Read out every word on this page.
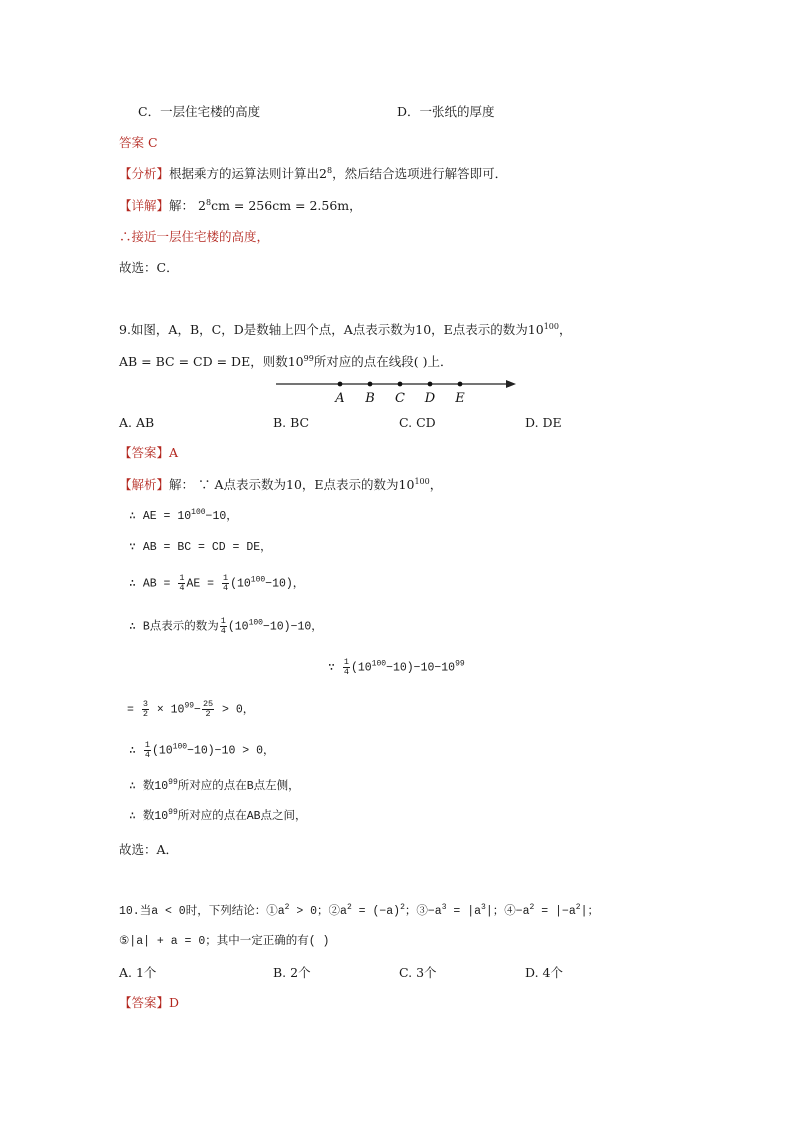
C．一层住宅楼的高度	D．一张纸的厚度
答案 C
【分析】根据乘方的运算法则计算出$2^8$，然后结合选项进行解答即可．
【详解】解： $2^8cm = 256cm = 2.56m$，
∴接近一层住宅楼的高度，
故选：C．
9.如图，A，B，C，D是数轴上四个点，A点表示数为10，E点表示的数为$10^{100}$，
AB = BC = CD = DE，则数$10^{99}$所对应的点在线段( )上．
A B C D E
A. AB	B. BC	C. CD	D. DE
【答案】A
【解析】解： ∵ A点表示数为10，E点表示的数为$10^{100}$，
∴ AE = $10^{100}-10$，
∵ AB = BC = CD = DE，
∴ AB = $\frac{1}{4}$ AE = $\frac{1}{4} (10^{100}-10)$，
∴ B点表示的数为 $\frac{1}{4} (10^{100}-10)-10$，
∵ $\frac{1}{4} (10^{100}-10)-10-10^{99}$
= $\frac{3}{2} \times 10^{99}- \frac{25}{2} > 0$，
∴ $\frac{1}{4} (10^{100}-10)-10 > 0$，
∴ 数$10^{99}$所对应的点在B点左侧，
∴ 数$10^{99}$所对应的点在AB点之间，
故选：A．
10.当a < 0时，下列结论：$①a^2 > 0$；$②a^2 = (-a)^2$；$③-a^3 = |a^3|$；$④-a^2 = |-a^2|$；
⑤|a| + a = 0；其中一定正确的有( )
A. 1个	B. 2个	C. 3个	D. 4个
【答案】D
